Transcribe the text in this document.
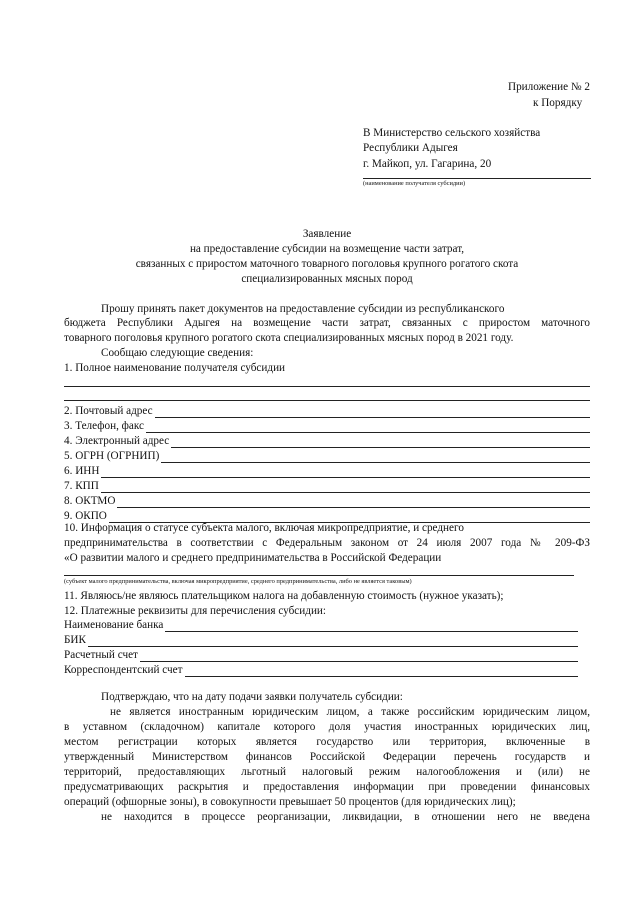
Приложение № 2
к Порядку
В Министерство сельского хозяйства
Республики Адыгея
г. Майкоп, ул. Гагарина, 20
(наименование получателя субсидии)
Заявление
на предоставление субсидии на возмещение части затрат,
связанных с приростом маточного товарного поголовья крупного рогатого скота
специализированных мясных пород
Прошу принять пакет документов на предоставление субсидии из республиканского
бюджета Республики Адыгея на возмещение части затрат, связанных с приростом маточного
товарного поголовья крупного рогатого скота специализированных мясных пород в 2021 году.
Сообщаю следующие сведения:
1. Полное наименование получателя субсидии
2. Почтовый адрес
3. Телефон, факс
4. Электронный адрес
5. ОГРН (ОГРНИП)
6. ИНН
7. КПП
8. ОКТМО
9. ОКПО
10. Информация о статусе субъекта малого, включая микропредприятие, и среднего
предпринимательства в соответствии с Федеральным законом от 24 июля 2007 года № 209-ФЗ
«О развитии малого и среднего предпринимательства в Российской Федерации
(субъект малого предпринимательства, включая микропредприятие, среднего предпринимательства, либо не является таковым)
11. Являюсь/не являюсь плательщиком налога на добавленную стоимость (нужное указать);
12. Платежные реквизиты для перечисления субсидии:
Наименование банка
БИК
Расчетный счет
Корреспондентский счет
Подтверждаю, что на дату подачи заявки получатель субсидии:
не является иностранным юридическим лицом, а также российским юридическим лицом,
в уставном (складочном) капитале которого доля участия иностранных юридических лиц,
местом регистрации которых является государство или территория, включенные в
утвержденный Министерством финансов Российской Федерации перечень государств и
территорий, предоставляющих льготный налоговый режим налогообложения и (или) не
предусматривающих раскрытия и предоставления информации при проведении финансовых
операций (офшорные зоны), в совокупности превышает 50 процентов (для юридических лиц);
не находится в процессе реорганизации, ликвидации, в отношении него не введена
